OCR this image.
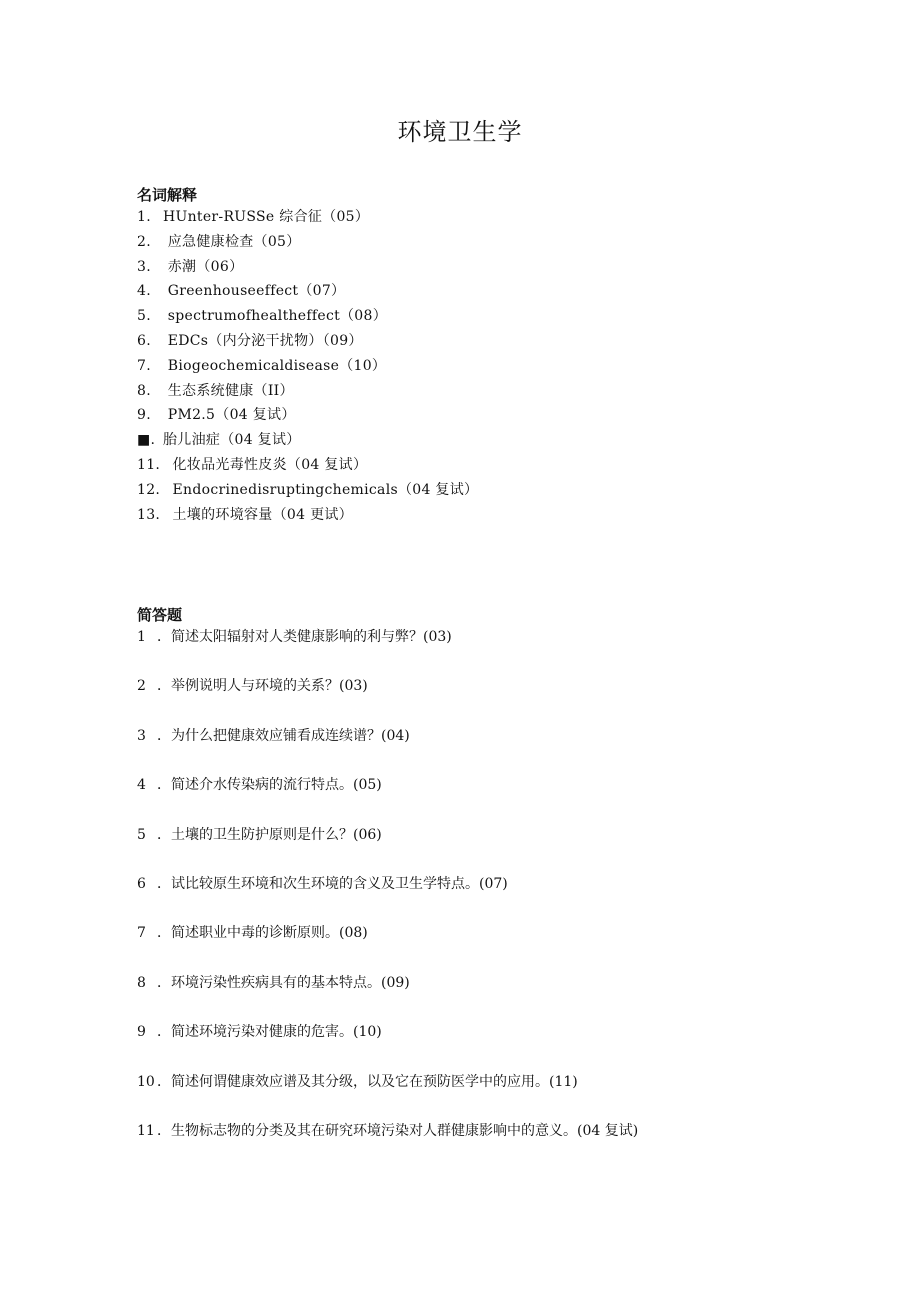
环境卫生学
名词解释
1. HUnter-RUSSe 综合征（05）
2. 应急健康检查（05）
3. 赤潮（06）
4. Greenhouseeffect（07）
5. spectrumofhealtheffect（08）
6. EDCs（内分泌干扰物）（09）
7. Biogeochemicaldisease（10）
8. 生态系统健康（II）
9. PM2.5（04 复试）
■. 胎儿油症（04 复试）
11.  化妆品光毒性皮炎（04 复试）
12.  Endocrinedisruptingchemicals（04 复试）
13.  土壤的环境容量（04 更试）
简答题
1 ．简述太阳辐射对人类健康影响的利与弊？(03)
2 ．举例说明人与环境的关系？(03)
3 ．为什么把健康效应铺看成连续谱？(04)
4 ．简述介水传染病的流行特点。(05)
5 ．土壤的卫生防护原则是什么？(06)
6 ．试比较原生环境和次生环境的含义及卫生学特点。(07)
7 ．简述职业中毒的诊断原则。(08)
8 ．环境污染性疾病具有的基本特点。(09)
9 ．简述环境污染对健康的危害。(10)
10 ．简述何谓健康效应谱及其分级，以及它在预防医学中的应用。(11)
11 ．生物标志物的分类及其在研究环境污染对人群健康影响中的意义。(04 复试)
